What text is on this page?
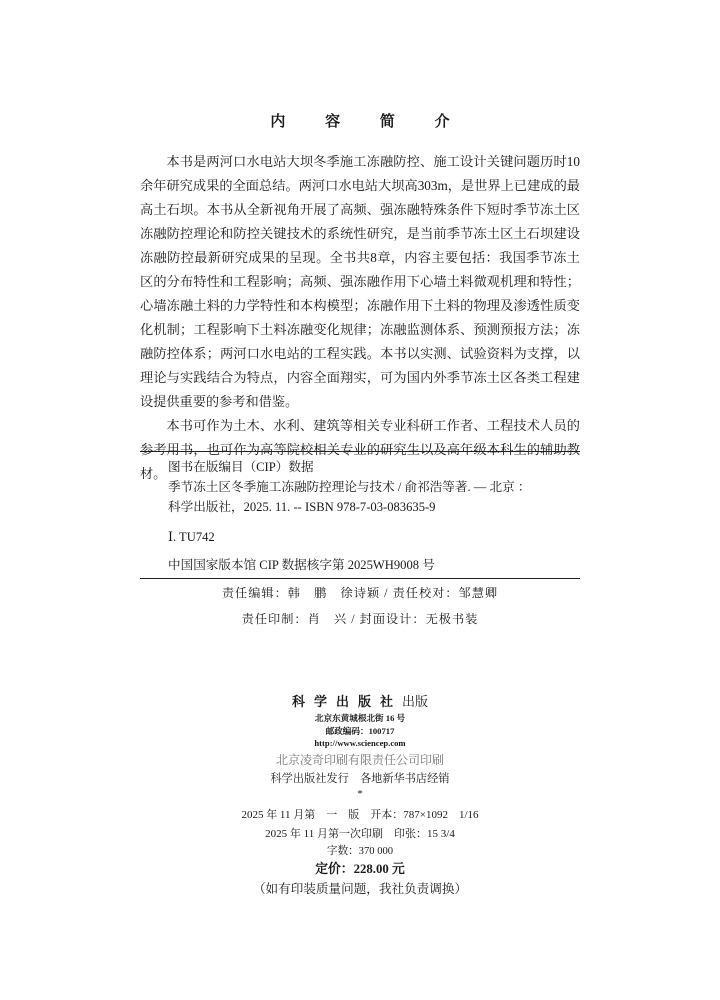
内 容 简 介

本书是两河口水电站大坝冬季施工冻融防控、施工设计关键问题历时10余年研究成果的全面总结。两河口水电站大坝高303m，是世界上已建成的最高土石坝。本书从全新视角开展了高频、强冻融特殊条件下短时季节冻土区冻融防控理论和防控关键技术的系统性研究，是当前季节冻土区土石坝建设冻融防控最新研究成果的呈现。全书共8章，内容主要包括：我国季节冻土区的分布特性和工程影响；高频、强冻融作用下心墙土料微观机理和特性；心墙冻融土料的力学特性和本构模型；冻融作用下土料的物理及渗透性质变化机制；工程影响下土料冻融变化规律；冻融监测体系、预测预报方法；冻融防控体系；两河口水电站的工程实践。本书以实测、试验资料为支撑，以理论与实践结合为特点，内容全面翔实，可为国内外季节冻土区各类工程建设提供重要的参考和借鉴。

本书可作为土木、水利、建筑等相关专业科研工作者、工程技术人员的参考用书，也可作为高等院校相关专业的研究生以及高年级本科生的辅助教材。 图书在版编目（CIP）数据
季节冻土区冬季施工冻融防控理论与技术 / 俞祁浩等著. — 北京 ：
科学出版社，2025. 11. -- ISBN 978-7-03-083635-9
Ⅰ. TU742
中国国家版本馆 CIP 数据核字第 2025WH9008 号
责任编辑：韩　鹏　徐诗颖 / 责任校对：邹慧卿
责任印制：肖　兴 / 封面设计：无极书装
科学出版社出版
北京东黄城根北街 16 号
邮政编码：100717
http://www.sciencep.com
北京凌奇印刷有限责任公司印刷
科学出版社发行　各地新华书店经销
*
2025 年 11 月第　一　版　开本：787×1092　1/16
2025 年 11 月第一次印刷　印张：15 3/4
字数：370 000
定价：228.00 元
（如有印装质量问题，我社负责调换）
